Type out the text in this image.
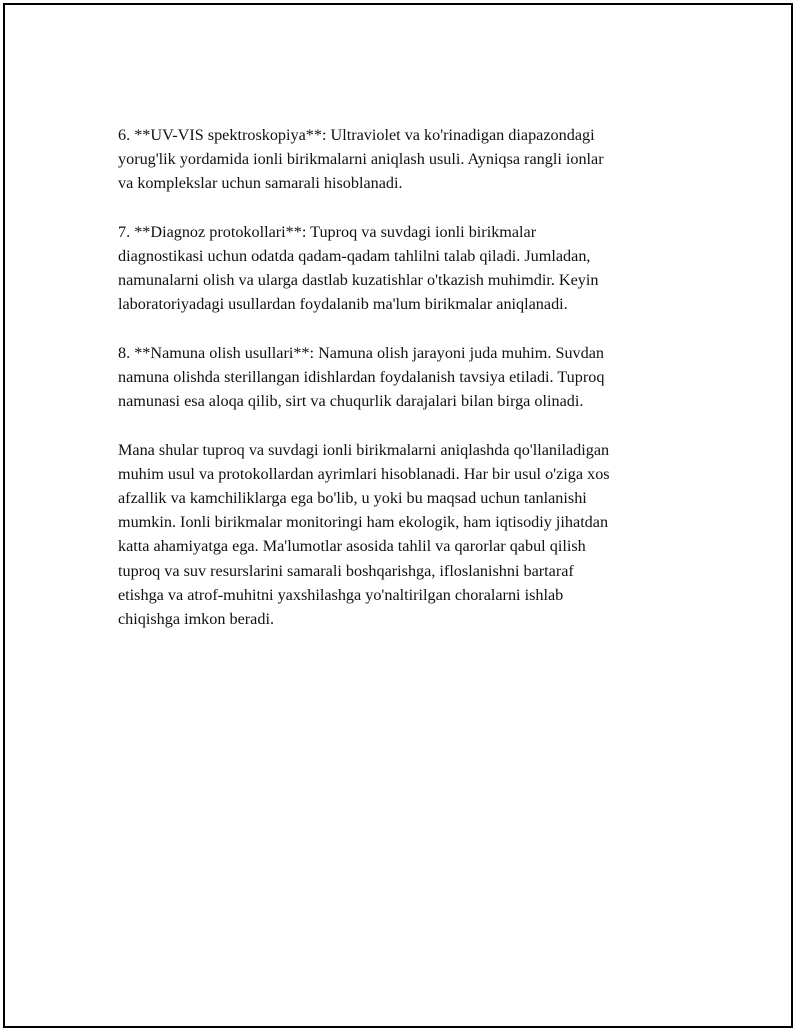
6. **UV-VIS spektroskopiya**: Ultraviolet va ko'rinadigan diapazondagi
yorug'lik yordamida ionli birikmalarni aniqlash usuli. Ayniqsa rangli ionlar
va komplekslar uchun samarali hisoblanadi.

7. **Diagnoz protokollari**: Tuproq va suvdagi ionli birikmalar
diagnostikasi uchun odatda qadam-qadam tahlilni talab qiladi. Jumladan,
namunalarni olish va ularga dastlab kuzatishlar o'tkazish muhimdir. Keyin
laboratoriyadagi usullardan foydalanib ma'lum birikmalar aniqlanadi.

8. **Namuna olish usullari**: Namuna olish jarayoni juda muhim. Suvdan
namuna olishda sterillangan idishlardan foydalanish tavsiya etiladi. Tuproq
namunasi esa aloqa qilib, sirt va chuqurlik darajalari bilan birga olinadi.

Mana shular tuproq va suvdagi ionli birikmalarni aniqlashda qo'llaniladigan
muhim usul va protokollardan ayrimlari hisoblanadi. Har bir usul o'ziga xos
afzallik va kamchiliklarga ega bo'lib, u yoki bu maqsad uchun tanlanishi
mumkin. Ionli birikmalar monitoringi ham ekologik, ham iqtisodiy jihatdan
katta ahamiyatga ega. Ma'lumotlar asosida tahlil va qarorlar qabul qilish
tuproq va suv resurslarini samarali boshqarishga, ifloslanishni bartaraf
etishga va atrof-muhitni yaxshilashga yo'naltirilgan choralarni ishlab
chiqishga imkon beradi.
